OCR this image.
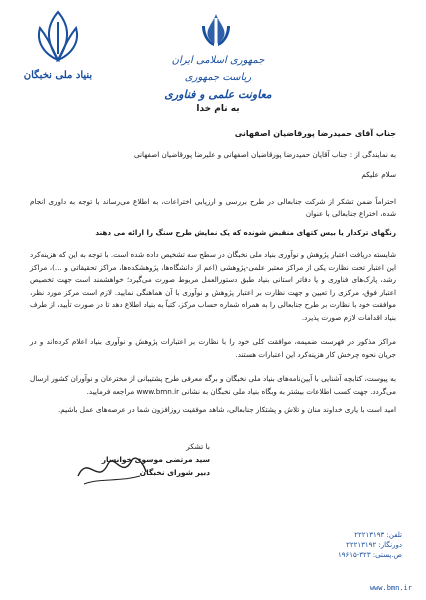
بنیاد ملی نخبگان
جمهوری اسلامی ایران
ریاست جمهوری
معاونت علمی و فناوری
به نام خدا
جناب آقای حمیدرضا پورقاضیان اصفهانی
به نمایندگی از : جناب آقایان حمیدرضا پورقاضیان اصفهانی و علیرضا پورقاضیان اصفهانی
سلام علیکم
احتراماً ضمن تشکر از شرکت جنابعالی در طرح بررسی و ارزیابی اختراعات، به اطلاع می‌رساند با توجه به داوری انجام شده، اختراع جنابعالی با عنوان
رنگهای ترکدار یا بیس کتهای منقبض شونده که یک نمایش طرح سنگ را ارائه می دهند
شایسته دریافت اعتبار پژوهش و نوآوری بنیاد ملی نخبگان در سطح سه تشخیص داده شده است. با توجه به این که هزینه‌کرد این اعتبار تحت نظارت یکی از مراکز معتبر علمی-پژوهشی (اعم از دانشگاه‌ها، پژوهشکده‌ها، مراکز تحقیقاتی و ...)، مراکز رشد، پارک‌های فناوری و یا دفاتر استانی بنیاد طبق دستورالعمل مربوط صورت می‌گیرد؛ خواهشمند است جهت تخصیص اعتبار فوق، مرکزی را تعیین و جهت نظارت بر اعتبار پژوهش و نوآوری با آن هماهنگی نمایید. لازم است مرکز مورد نظر، موافقت خود با نظارت بر طرح جنابعالی را به همراه شماره حساب مرکز، کتباً به بنیاد اطلاع دهد تا در صورت تأیید، از طرف بنیاد اقدامات لازم صورت پذیرد.
مراکز مذکور در فهرست ضمیمه، موافقت کلی خود را با نظارت بر اعتبارات پژوهش و نوآوری بنیاد اعلام کرده‌اند و در جریان نحوه چرخش کار هزینه‌کرد این اعتبارات هستند.
به پیوست، کتابچه آشنایی با آیین‌نامه‌های بنیاد ملی نخبگان و برگه معرفی طرح پشتیبانی از مخترعان و نوآوران کشور ارسال می‌گردد. جهت کسب اطلاعات بیشتر به وبگاه بنیاد ملی نخبگان به نشانی www.bmn.ir مراجعه فرمایید.
امید است با یاری خداوند منان و تلاش و پشتکار جنابعالی، شاهد موفقیت روزافزون شما در عرصه‌های عمل باشیم.
با تشکر
سید مرتضی موسوی خوانسار
دبیر شورای نخبگان
تلفن: ۲۲۲۱۳۱۹۳
دورنگار: ۲۲۲۱۳۱۹۲
ص.پستی: ۳۲۳-۱۹۶۱۵
www.bmn.ir
